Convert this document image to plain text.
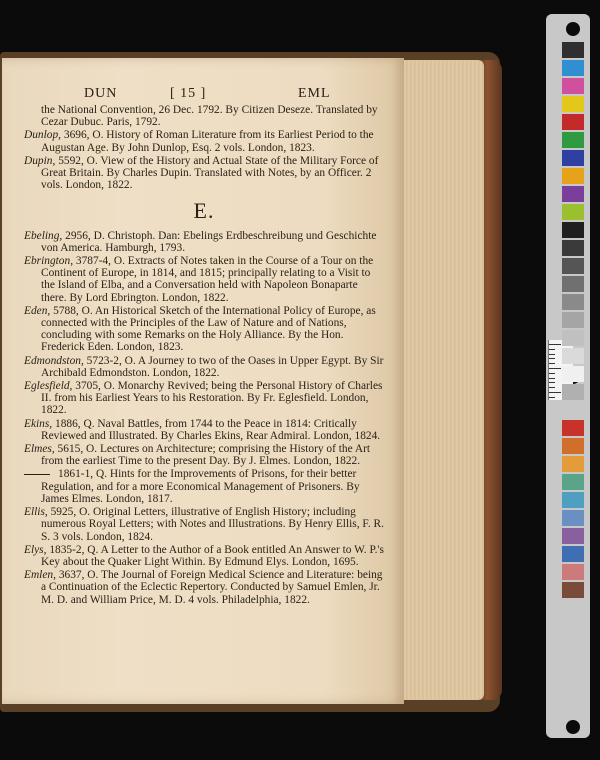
DUN	[ 15 ]	EML
the National Convention, 26 Dec. 1792. By Citizen Deseze. Translated by Cezar Dubuc. Paris, 1792.
Dunlop, 3696, O. History of Roman Literature from its Earliest Period to the Augustan Age. By John Dunlop, Esq. 2 vols. London, 1823.
Dupin, 5592, O. View of the History and Actual State of the Military Force of Great Britain. By Charles Dupin. Translated with Notes, by an Officer. 2 vols. London, 1822.
E.
Ebeling, 2956, D. Christoph. Dan: Ebelings Erdbeschreibung und Geschichte von America. Hamburgh, 1793.
Ebrington, 3787-4, O. Extracts of Notes taken in the Course of a Tour on the Continent of Europe, in 1814, and 1815; principally relating to a Visit to the Island of Elba, and a Conversation held with Napoleon Bonaparte there. By Lord Ebrington. London, 1822.
Eden, 5788, O. An Historical Sketch of the International Policy of Europe, as connected with the Principles of the Law of Nature and of Nations, concluding with some Remarks on the Holy Alliance. By the Hon. Frederick Eden. London, 1823.
Edmondston, 5723-2, O. A Journey to two of the Oases in Upper Egypt. By Sir Archibald Edmondston. London, 1822.
Eglesfield, 3705, O. Monarchy Revived; being the Personal History of Charles II. from his Earliest Years to his Restoration. By Fr. Eglesfield. London, 1822.
Ekins, 1886, Q. Naval Battles, from 1744 to the Peace in 1814: Critically Reviewed and Illustrated. By Charles Ekins, Rear Admiral. London, 1824.
Elmes, 5615, O. Lectures on Architecture; comprising the History of the Art from the earliest Time to the present Day. By J. Elmes. London, 1822.
1861-1, Q. Hints for the Improvements of Prisons, for their better Regulation, and for a more Economical Management of Prisoners. By James Elmes. London, 1817.
Ellis, 5925, O. Original Letters, illustrative of English History; including numerous Royal Letters; with Notes and Illustrations. By Henry Ellis, F. R. S. 3 vols. London, 1824.
Elys, 1835-2, Q. A Letter to the Author of a Book entitled An Answer to W. P.'s Key about the Quaker Light Within. By Edmund Elys. London, 1695.
Emlen, 3637, O. The Journal of Foreign Medical Science and Literature: being a Continuation of the Eclectic Repertory. Conducted by Samuel Emlen, Jr. M. D. and William Price, M. D. 4 vols. Philadelphia, 1822.
